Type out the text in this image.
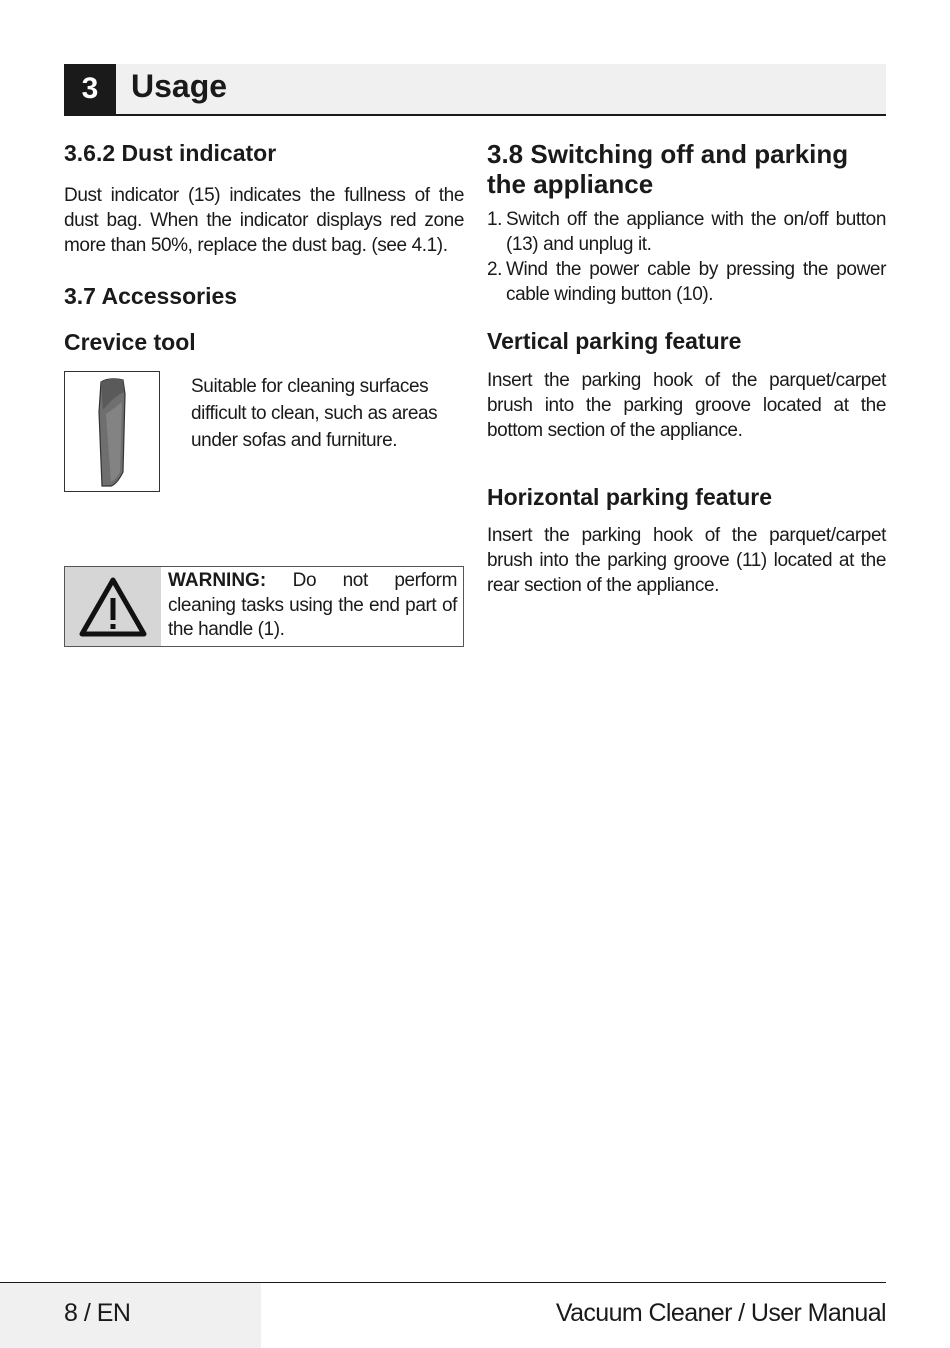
3	Usage
3.6.2 Dust indicator

Dust indicator (15) indicates the fullness of the dust bag. When the indicator displays red zone more than 50%, replace the dust bag. (see 4.1).

3.7 Accessories
Crevice tool

Suitable for cleaning surfaces difficult to clean, such as areas under sofas and furniture.

WARNING: Do not perform cleaning tasks using the end part of the handle (1).
3.8 Switching off and parking the appliance
1. Switch off the appliance with the on/off button (13) and unplug it.
2. Wind the power cable by pressing the power cable winding button (10).
Vertical parking feature

Insert the parking hook of the parquet/carpet brush into the parking groove located at the bottom section of the appliance.

Horizontal parking feature

Insert the parking hook of the parquet/carpet brush into the parking groove (11) located at the rear section of the appliance.

8 / EN	Vacuum Cleaner / User Manual
